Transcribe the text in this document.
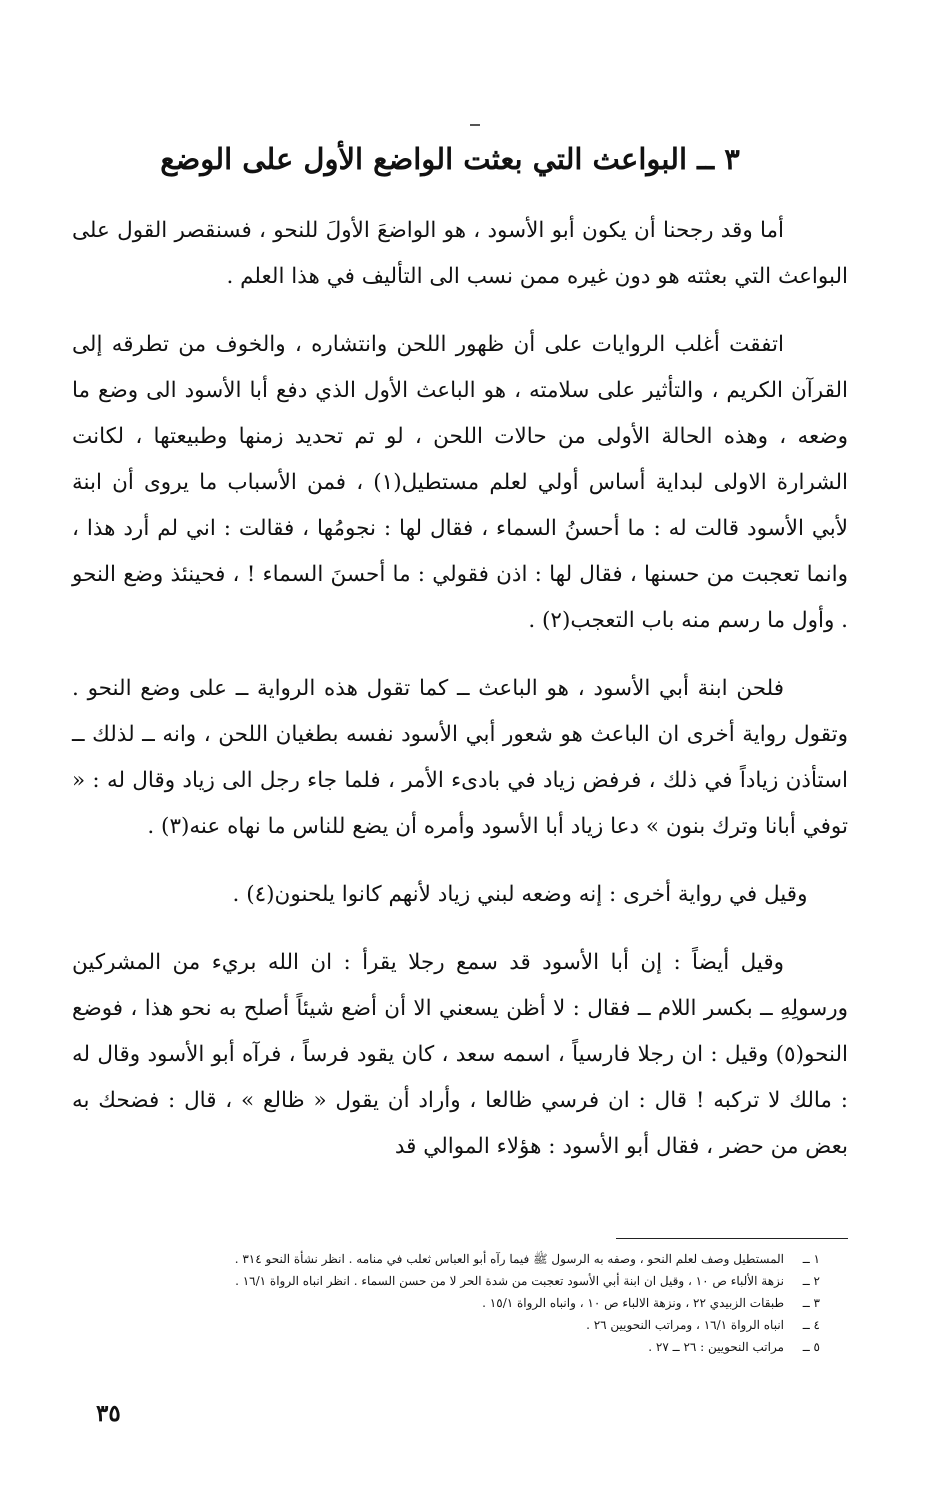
٣ ــ البواعث التي بعثت الواضع الأول على الوضع

أما وقد رجحنا أن يكون أبو الأسود ، هو الواضعَ الأولَ للنحو ، فسنقصر القول على البواعث التي بعثته هو دون غيره ممن نسب الى التأليف في هذا العلم .

اتفقت أغلب الروايات على أن ظهور اللحن وانتشاره ، والخوف من تطرقه إلى القرآن الكريم ، والتأثير على سلامته ، هو الباعث الأول الذي دفع أبا الأسود الى وضع ما وضعه ، وهذه الحالة الأولى من حالات اللحن ، لو تم تحديد زمنها وطبيعتها ، لكانت الشرارة الاولى لبداية أساس أولي لعلم مستطيل(١) ، فمن الأسباب ما يروى أن ابنة لأبي الأسود قالت له : ما أحسنُ السماء ، فقال لها : نجومُها ، فقالت : اني لم أرد هذا ، وانما تعجبت من حسنها ، فقال لها : اذن فقولي : ما أحسنَ السماء ! ، فحينئذ وضع النحو . وأول ما رسم منه باب التعجب(٢) .

فلحن ابنة أبي الأسود ، هو الباعث ــ كما تقول هذه الرواية ــ على وضع النحو . وتقول رواية أخرى ان الباعث هو شعور أبي الأسود نفسه بطغيان اللحن ، وانه ــ لذلك ــ استأذن زياداً في ذلك ، فرفض زياد في بادىء الأمر ، فلما جاء رجل الى زياد وقال له : « توفي أبانا وترك بنون » دعا زياد أبا الأسود وأمره أن يضع للناس ما نهاه عنه(٣) .

وقيل في رواية أخرى : إنه وضعه لبني زياد لأنهم كانوا يلحنون(٤) .

وقيل أيضاً : إن أبا الأسود قد سمع رجلا يقرأ : ان الله بريء من المشركين ورسولِهِ ــ بكسر اللام ــ فقال : لا أظن يسعني الا أن أضع شيئاً أصلح به نحو هذا ، فوضع النحو(٥) وقيل : ان رجلا فارسياً ، اسمه سعد ، كان يقود فرساً ، فرآه أبو الأسود وقال له : مالك لا تركبه ! قال : ان فرسي ظالعا ، وأراد أن يقول « ظالع » ، قال : فضحك به بعض من حضر ، فقال أبو الأسود : هؤلاء الموالي قد

١ ــ
المستطيل وصف لعلم النحو ، وصفه به الرسول ﷺ فيما رآه أبو العباس ثعلب في منامه . انظر نشأة النحو ٣١٤ .
٢ ــ
نزهة الألباء ص ١٠ ، وقيل ان ابنة أبي الأسود تعجبت من شدة الحر لا من حسن السماء . انظر انباه الرواة ١٦/١ .
٣ ــ
طبقات الزبيدي ٢٢ ، ونزهة الالباء ص ١٠ ، وانباه الرواة ١٥/١ .
٤ ــ
انباه الرواة ١٦/١ ، ومراتب النحويين ٢٦ .
٥ ــ
مراتب النحويين : ٢٦ ــ ٢٧ .
٣٥
